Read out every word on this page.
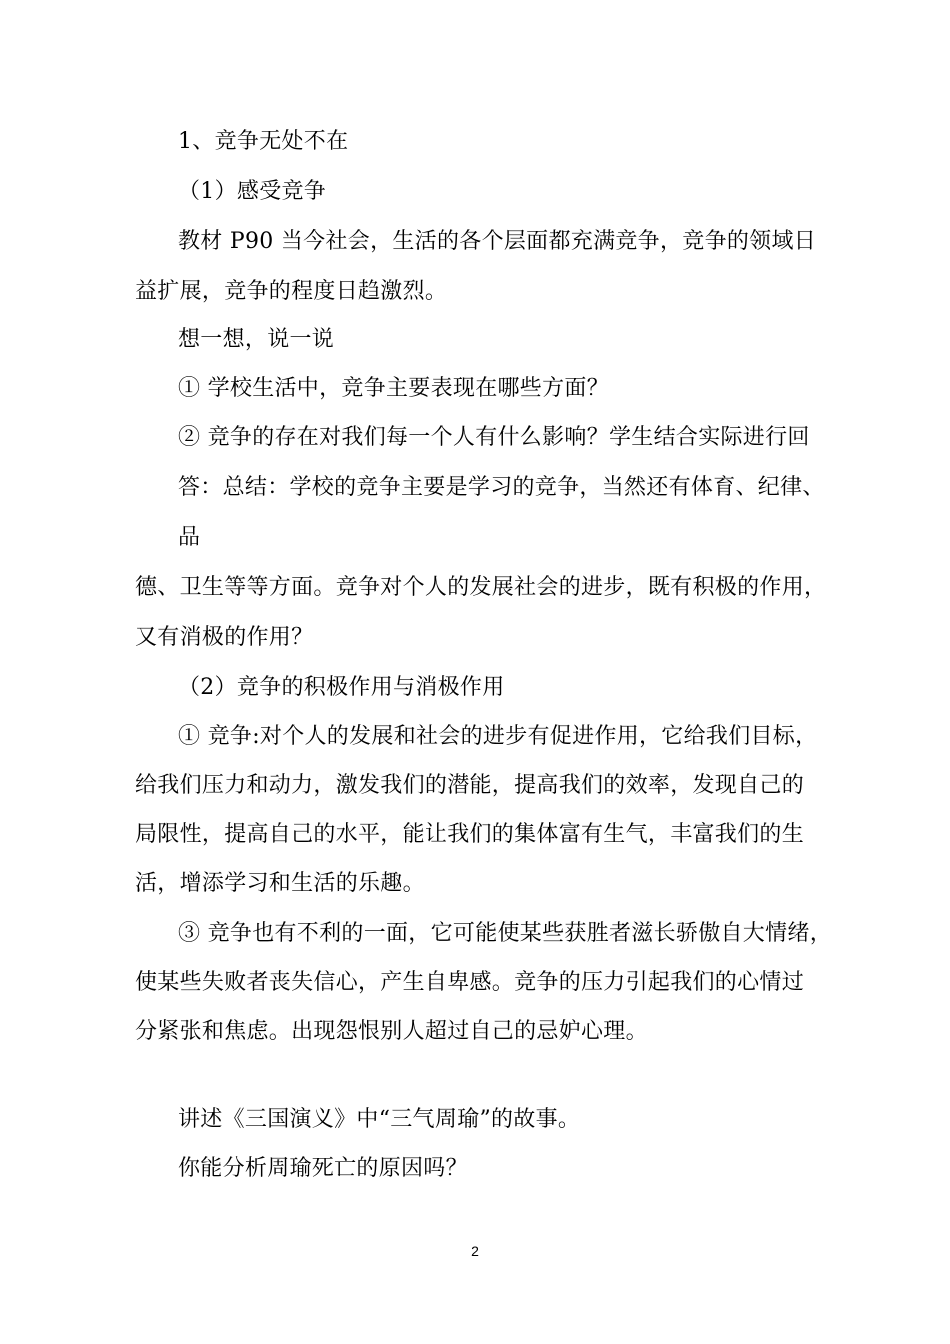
1、竞争无处不在
（1）感受竞争
教材 P90 当今社会，生活的各个层面都充满竞争，竞争的领域日
益扩展，竞争的程度日趋激烈。
想一想，说一说
① 学校生活中，竞争主要表现在哪些方面？
② 竞争的存在对我们每一个人有什么影响？学生结合实际进行回
答：总结：学校的竞争主要是学习的竞争，当然还有体育、纪律、
品
德、卫生等等方面。竞争对个人的发展社会的进步，既有积极的作用，
又有消极的作用？
（2）竞争的积极作用与消极作用
① 竞争:对个人的发展和社会的进步有促进作用，它给我们目标，
给我们压力和动力，激发我们的潜能，提高我们的效率，发现自己的
局限性，提高自己的水平，能让我们的集体富有生气，丰富我们的生
活，增添学习和生活的乐趣。
③ 竞争也有不利的一面，它可能使某些获胜者滋长骄傲自大情绪，
使某些失败者丧失信心，产生自卑感。竞争的压力引起我们的心情过
分紧张和焦虑。出现怨恨别人超过自己的忌妒心理。
讲述《三国演义》中“三气周瑜”的故事。
你能分析周瑜死亡的原因吗？
2
